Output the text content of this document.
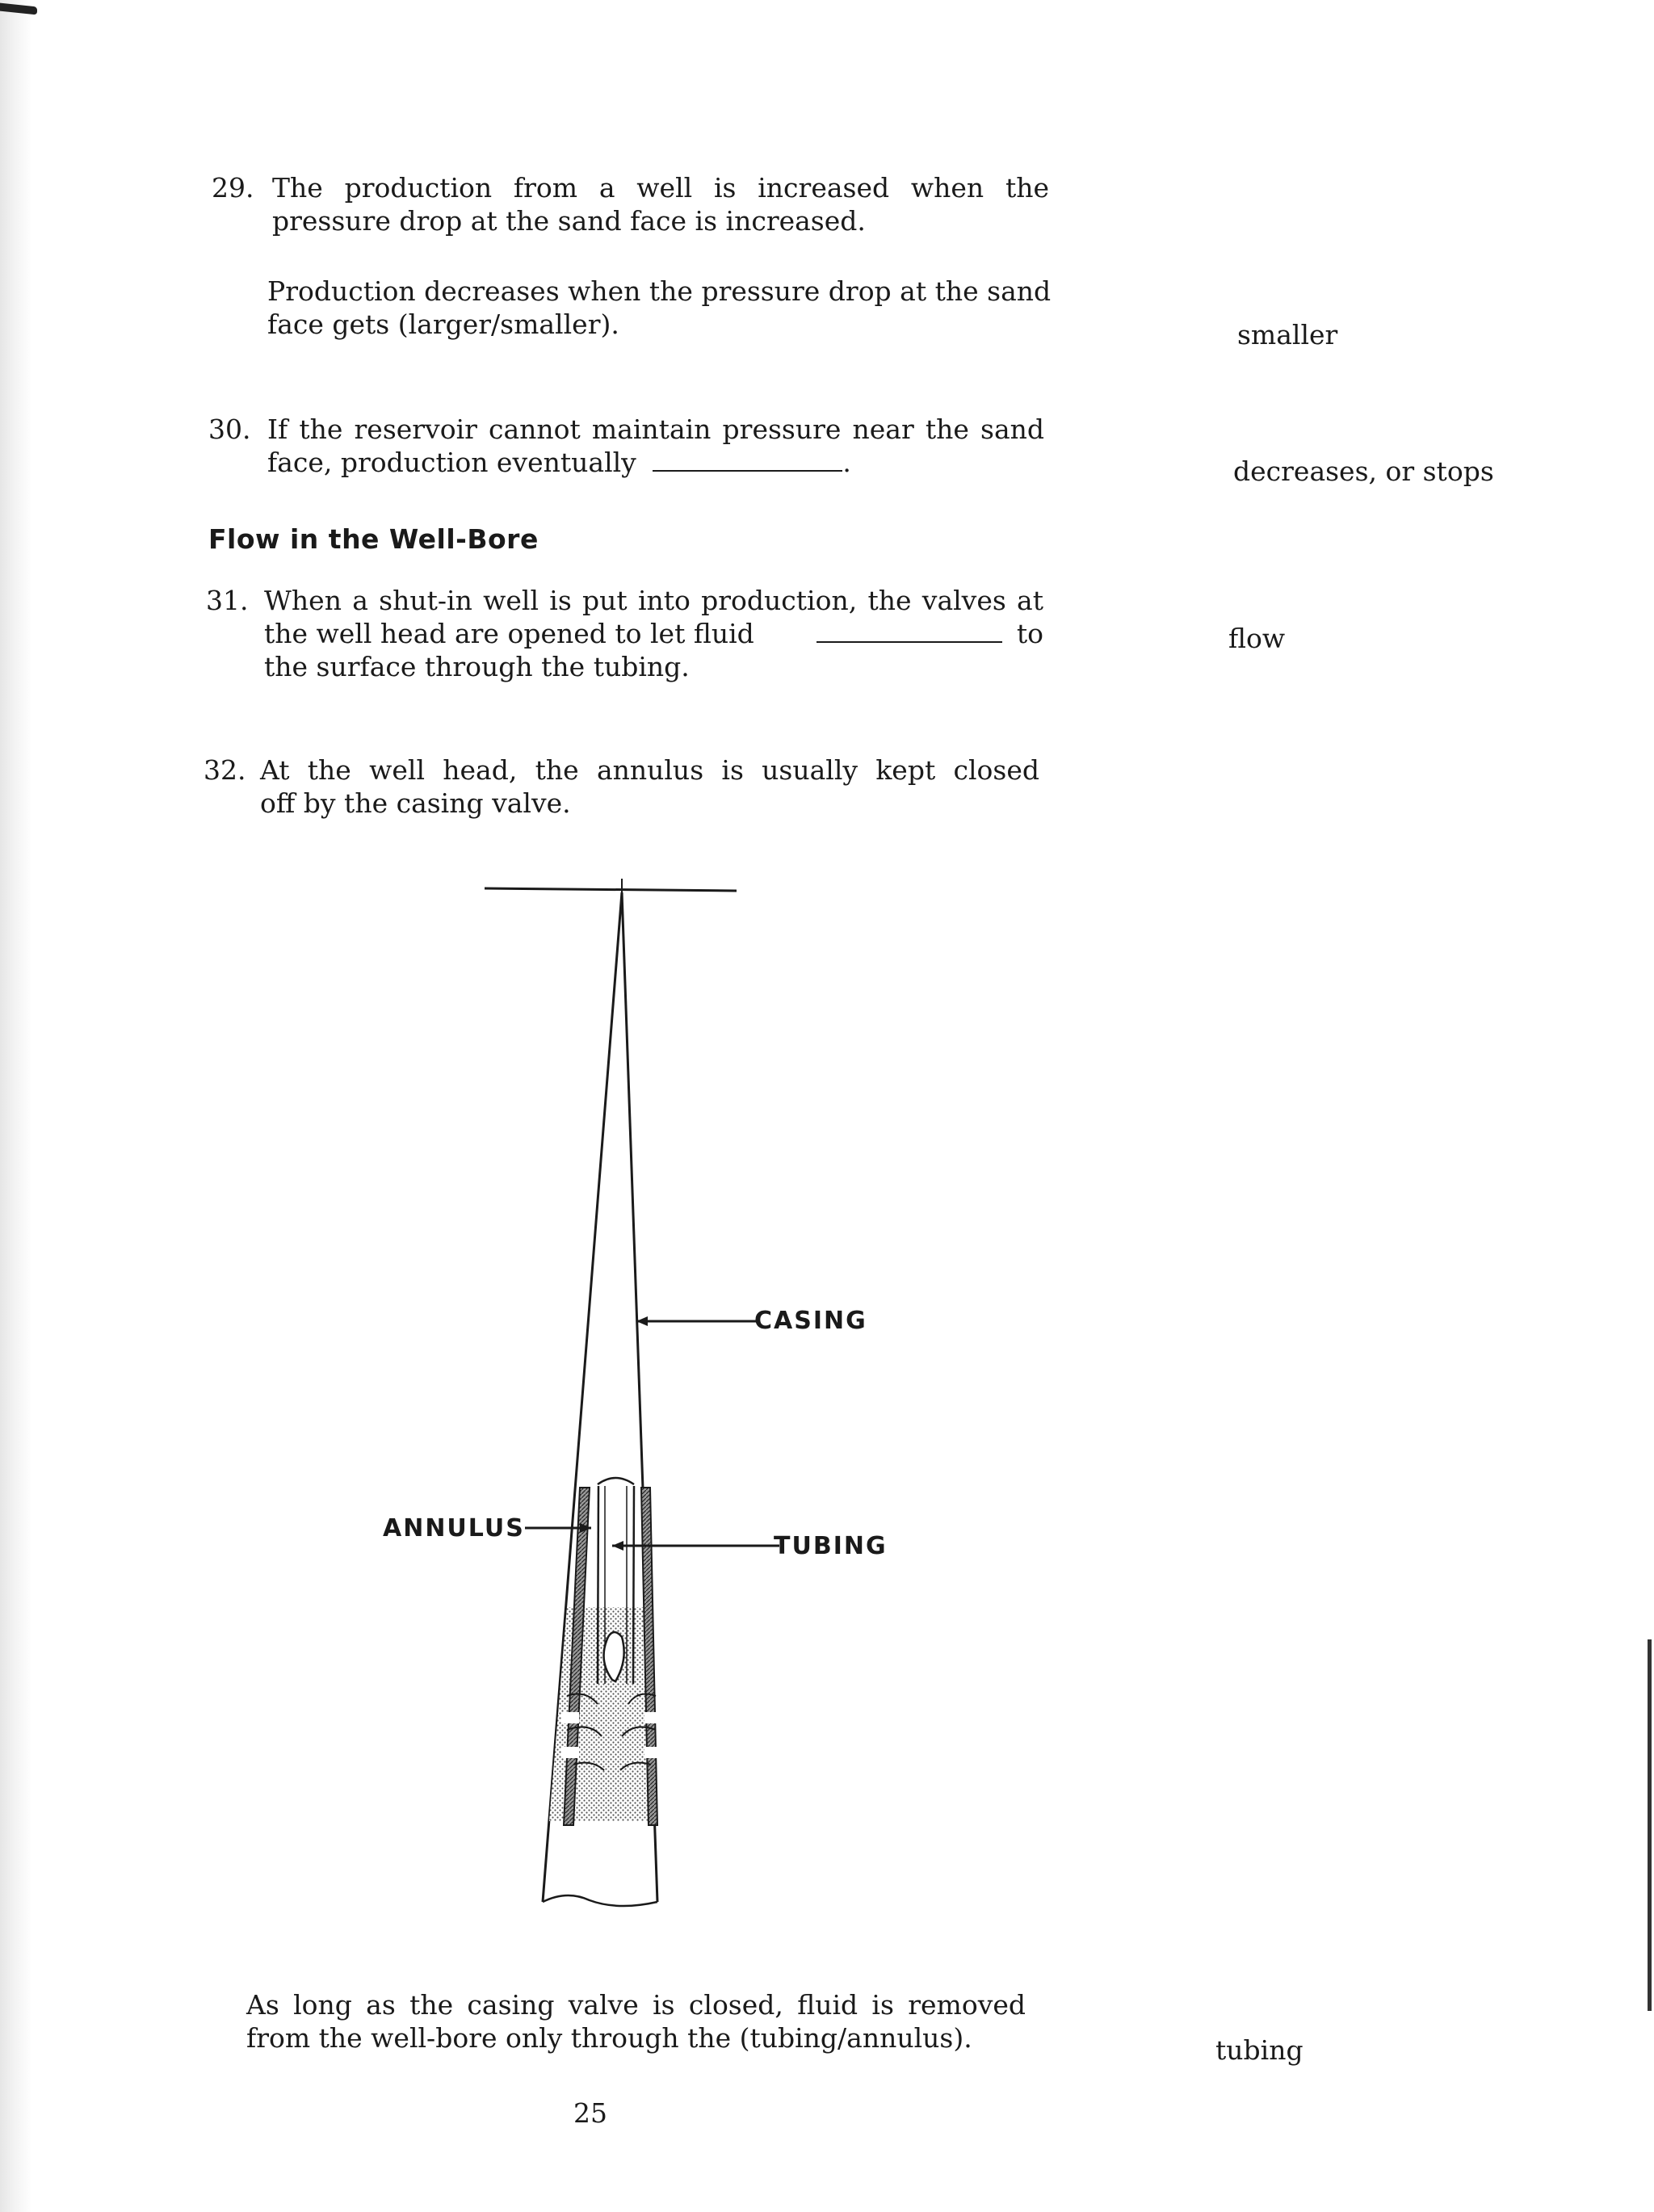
29. The production from a well is increased when the
pressure drop at the sand face is increased.
Production decreases when the pressure drop at the sand
face gets (larger/smaller).	smaller
30. If the reservoir cannot maintain pressure near the sand
face, production eventually	.	decreases, or stops
Flow in the Well-Bore
31. When a shut-in well is put into production, the valves at
the well head are opened to let fluid	to
the surface through the tubing.
flow
32. At the well head, the annulus is usually kept closed
off by the casing valve.
CASING
ANNULUS
TUBING
As long as the casing valve is closed, fluid is removed
from the well-bore only through the (tubing/annulus).	tubing
25
